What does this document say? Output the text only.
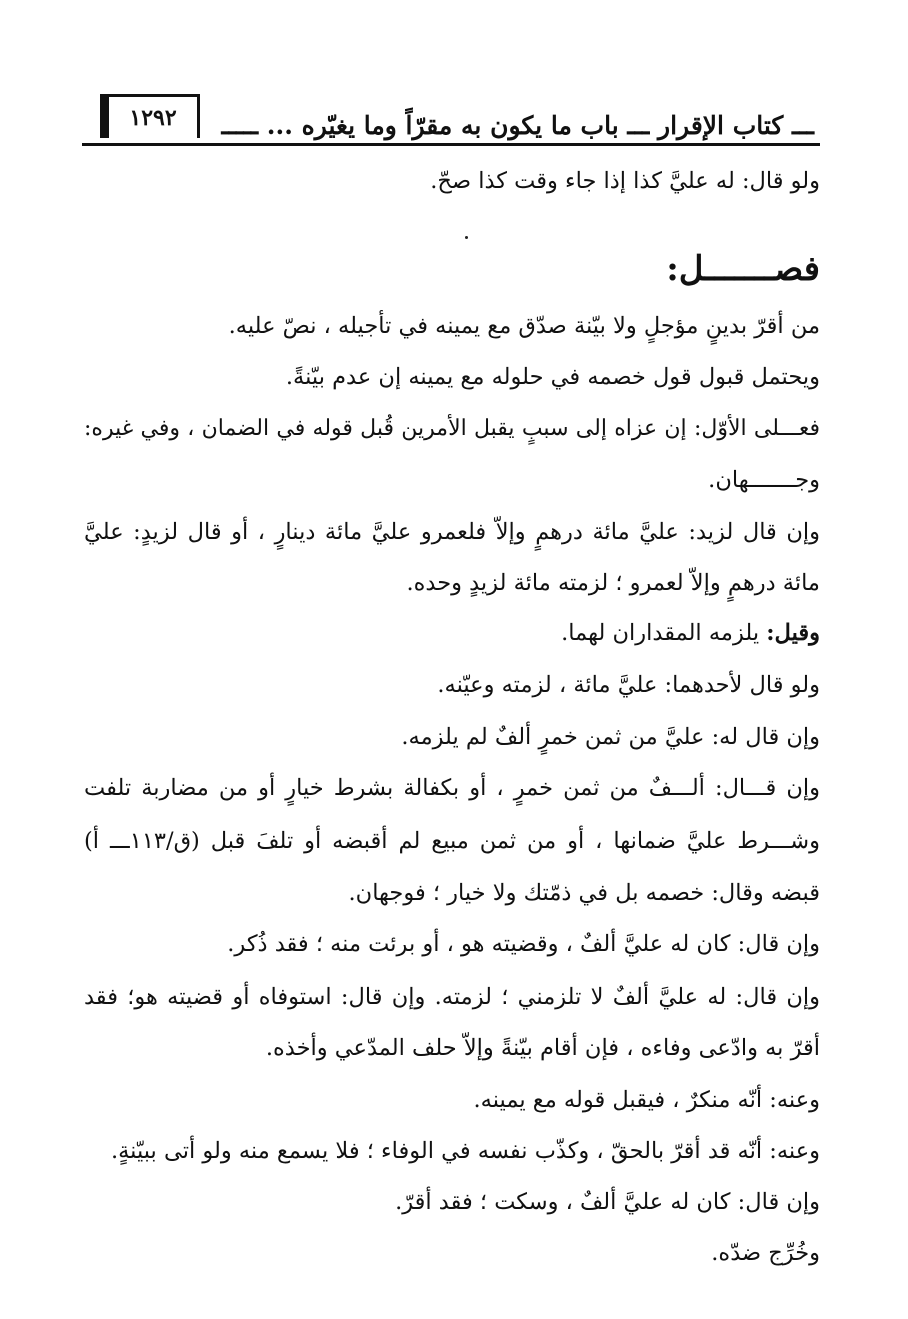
١٢٩٢ ـــ كتاب الإقرار ـــ باب ما يكون به مقرّاً وما يغيّره ... ـــــ
ولو قال: له عليَّ كذا إذا جاء وقت كذا صحّ.
فصـــــــل:
من أقرّ بدينٍ مؤجلٍ ولا بيّنة صدّق مع يمينه في تأجيله ، نصّ عليه.
ويحتمل قبول قول خصمه في حلوله مع يمينه إن عدم بيّنةً.
فعـــلى الأوّل: إن عزاه إلى سببٍ يقبل الأمرين قُبل قوله في الضمان ، وفي غيره:
وجـــــــهان.
وإن قال لزيد: عليَّ مائة درهمٍ وإلاّ فلعمرو عليَّ مائة دينارٍ ، أو قال لزيدٍ: عليَّ
مائة درهمٍ وإلاّ لعمرو ؛ لزمته مائة لزيدٍ وحده.
وقيل: يلزمه المقداران لهما.
ولو قال لأحدهما: عليَّ مائة ، لزمته وعيّنه.
وإن قال له: عليَّ من ثمن خمرٍ ألفٌ لم يلزمه.
وإن قـــال: ألـــفٌ من ثمن خمرٍ ، أو بكفالة بشرط خيارٍ أو من مضاربة تلفت
وشـــرط عليَّ ضمانها ، أو من ثمن مبيع لم أقبضه أو تلفَ قبل (ق/١١٣ـــ أ)
قبضه وقال: خصمه بل في ذمّتك ولا خيار ؛ فوجهان.
وإن قال: كان له عليَّ ألفٌ ، وقضيته هو ، أو برئت منه ؛ فقد ذُكر.
وإن قال: له عليَّ ألفٌ لا تلزمني ؛ لزمته. وإن قال: استوفاه أو قضيته هو؛ فقد
أقرّ به وادّعى وفاءه ، فإن أقام بيّنةً وإلاّ حلف المدّعي وأخذه.
وعنه: أنّه منكرٌ ، فيقبل قوله مع يمينه.
وعنه: أنّه قد أقرّ بالحقّ ، وكذّب نفسه في الوفاء ؛ فلا يسمع منه ولو أتى ببيّنةٍ.
وإن قال: كان له عليَّ ألفٌ ، وسكت ؛ فقد أقرّ.
وخُرِّج ضدّه.
